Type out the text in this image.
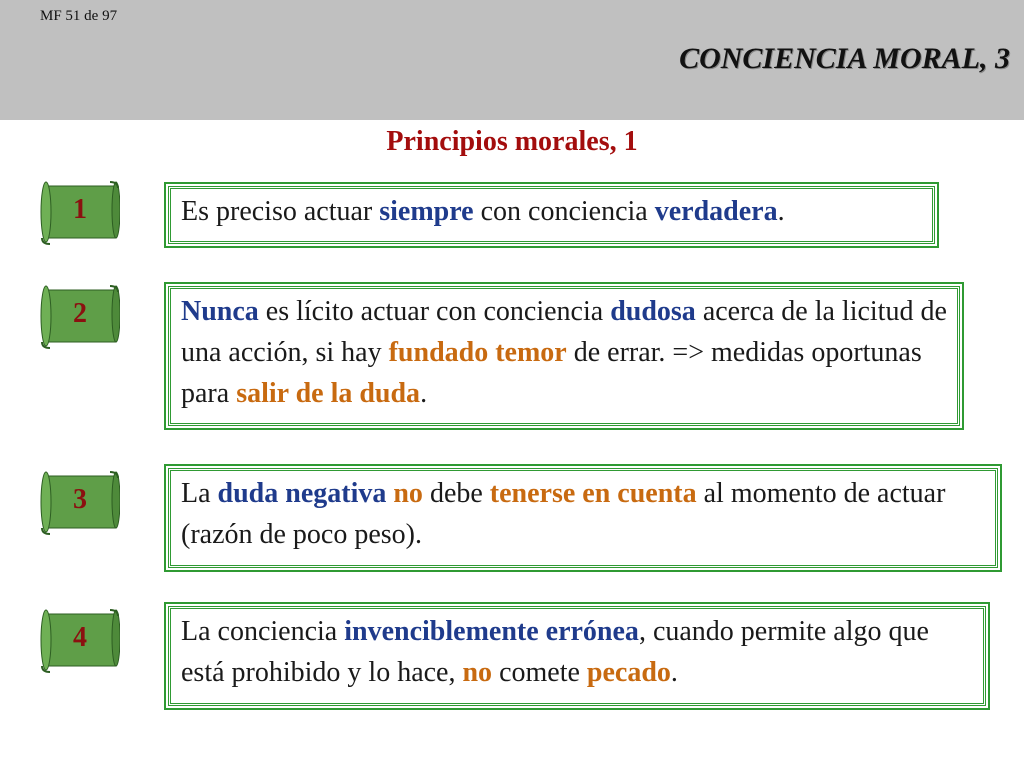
MF 51 de 97
CONCIENCIA MORAL, 3
Principios morales, 1
1	Es preciso actuar siempre con conciencia verdadera.
2	Nunca es lícito actuar con conciencia dudosa acerca de la licitud de una acción, si hay fundado temor de errar. => medidas oportunas para salir de la duda.
3	La duda negativa no debe tenerse en cuenta al momento de actuar (razón de poco peso).
4	La conciencia invenciblemente errónea, cuando permite algo que está prohibido y lo hace, no comete pecado.
